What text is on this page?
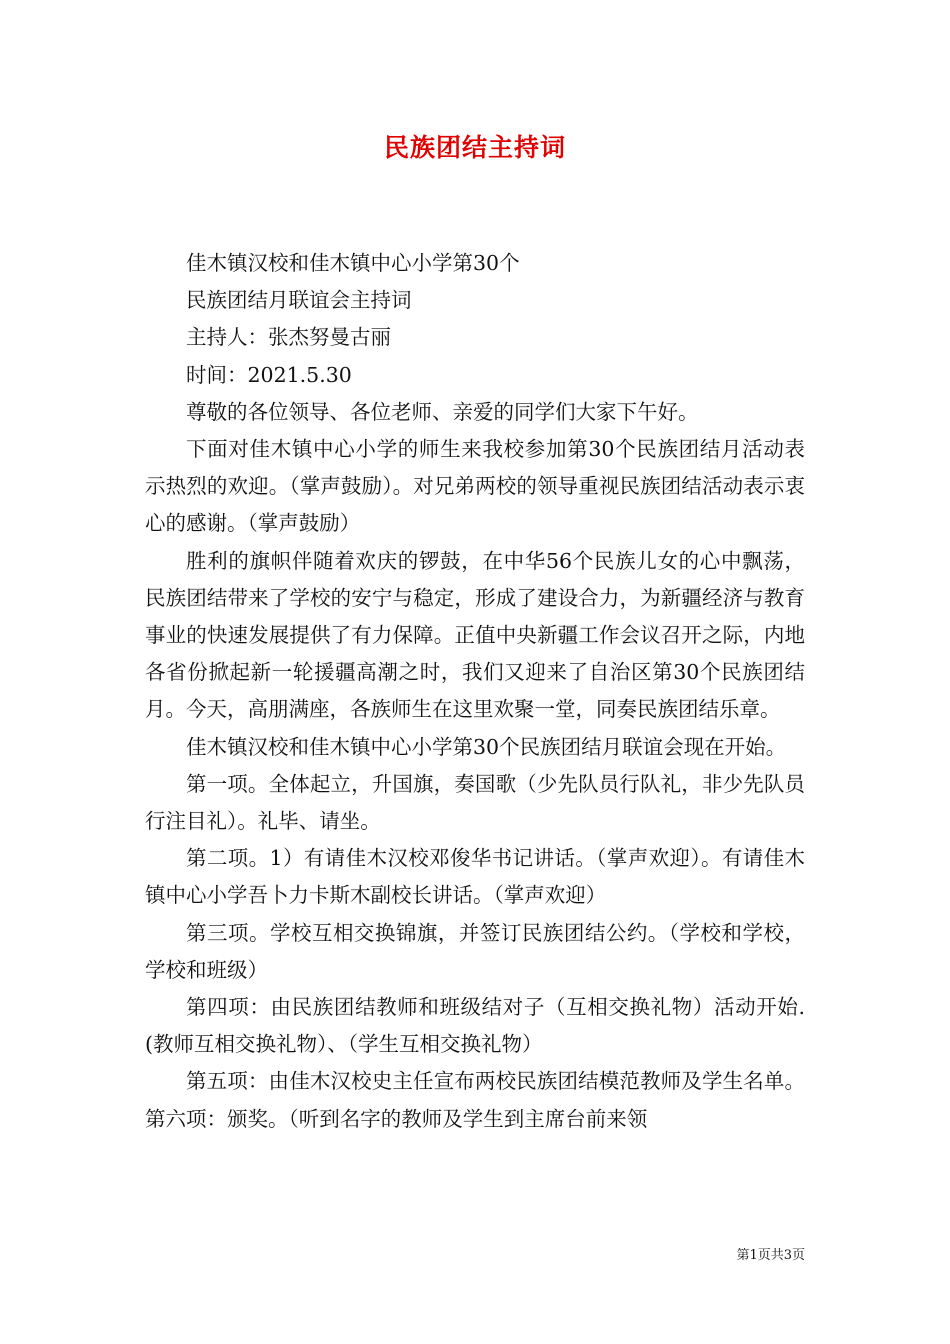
民族团结主持词

佳木镇汉校和佳木镇中心小学第30个

民族团结月联谊会主持词

主持人：张杰努曼古丽

时间：2021.5.30

尊敬的各位领导、各位老师、亲爱的同学们大家下午好。

下面对佳木镇中心小学的师生来我校参加第30个民族团结月活动表示热烈的欢迎。（掌声鼓励）。对兄弟两校的领导重视民族团结活动表示衷心的感谢。（掌声鼓励）

胜利的旗帜伴随着欢庆的锣鼓，在中华56个民族儿女的心中飘荡，民族团结带来了学校的安宁与稳定，形成了建设合力，为新疆经济与教育事业的快速发展提供了有力保障。正值中央新疆工作会议召开之际，内地各省份掀起新一轮援疆高潮之时，我们又迎来了自治区第30个民族团结月。今天，高朋满座，各族师生在这里欢聚一堂，同奏民族团结乐章。

佳木镇汉校和佳木镇中心小学第30个民族团结月联谊会现在开始。

第一项。全体起立，升国旗，奏国歌（少先队员行队礼，非少先队员行注目礼）。礼毕、请坐。

第二项。1）有请佳木汉校邓俊华书记讲话。（掌声欢迎）。有请佳木镇中心小学吾卜力卡斯木副校长讲话。（掌声欢迎）

第三项。学校互相交换锦旗，并签订民族团结公约。（学校和学校，学校和班级）

第四项：由民族团结教师和班级结对子（互相交换礼物）活动开始.(教师互相交换礼物）、（学生互相交换礼物）

第五项：由佳木汉校史主任宣布两校民族团结模范教师及学生名单。第六项：颁奖。（听到名字的教师及学生到主席台前来领

第1页共3页
